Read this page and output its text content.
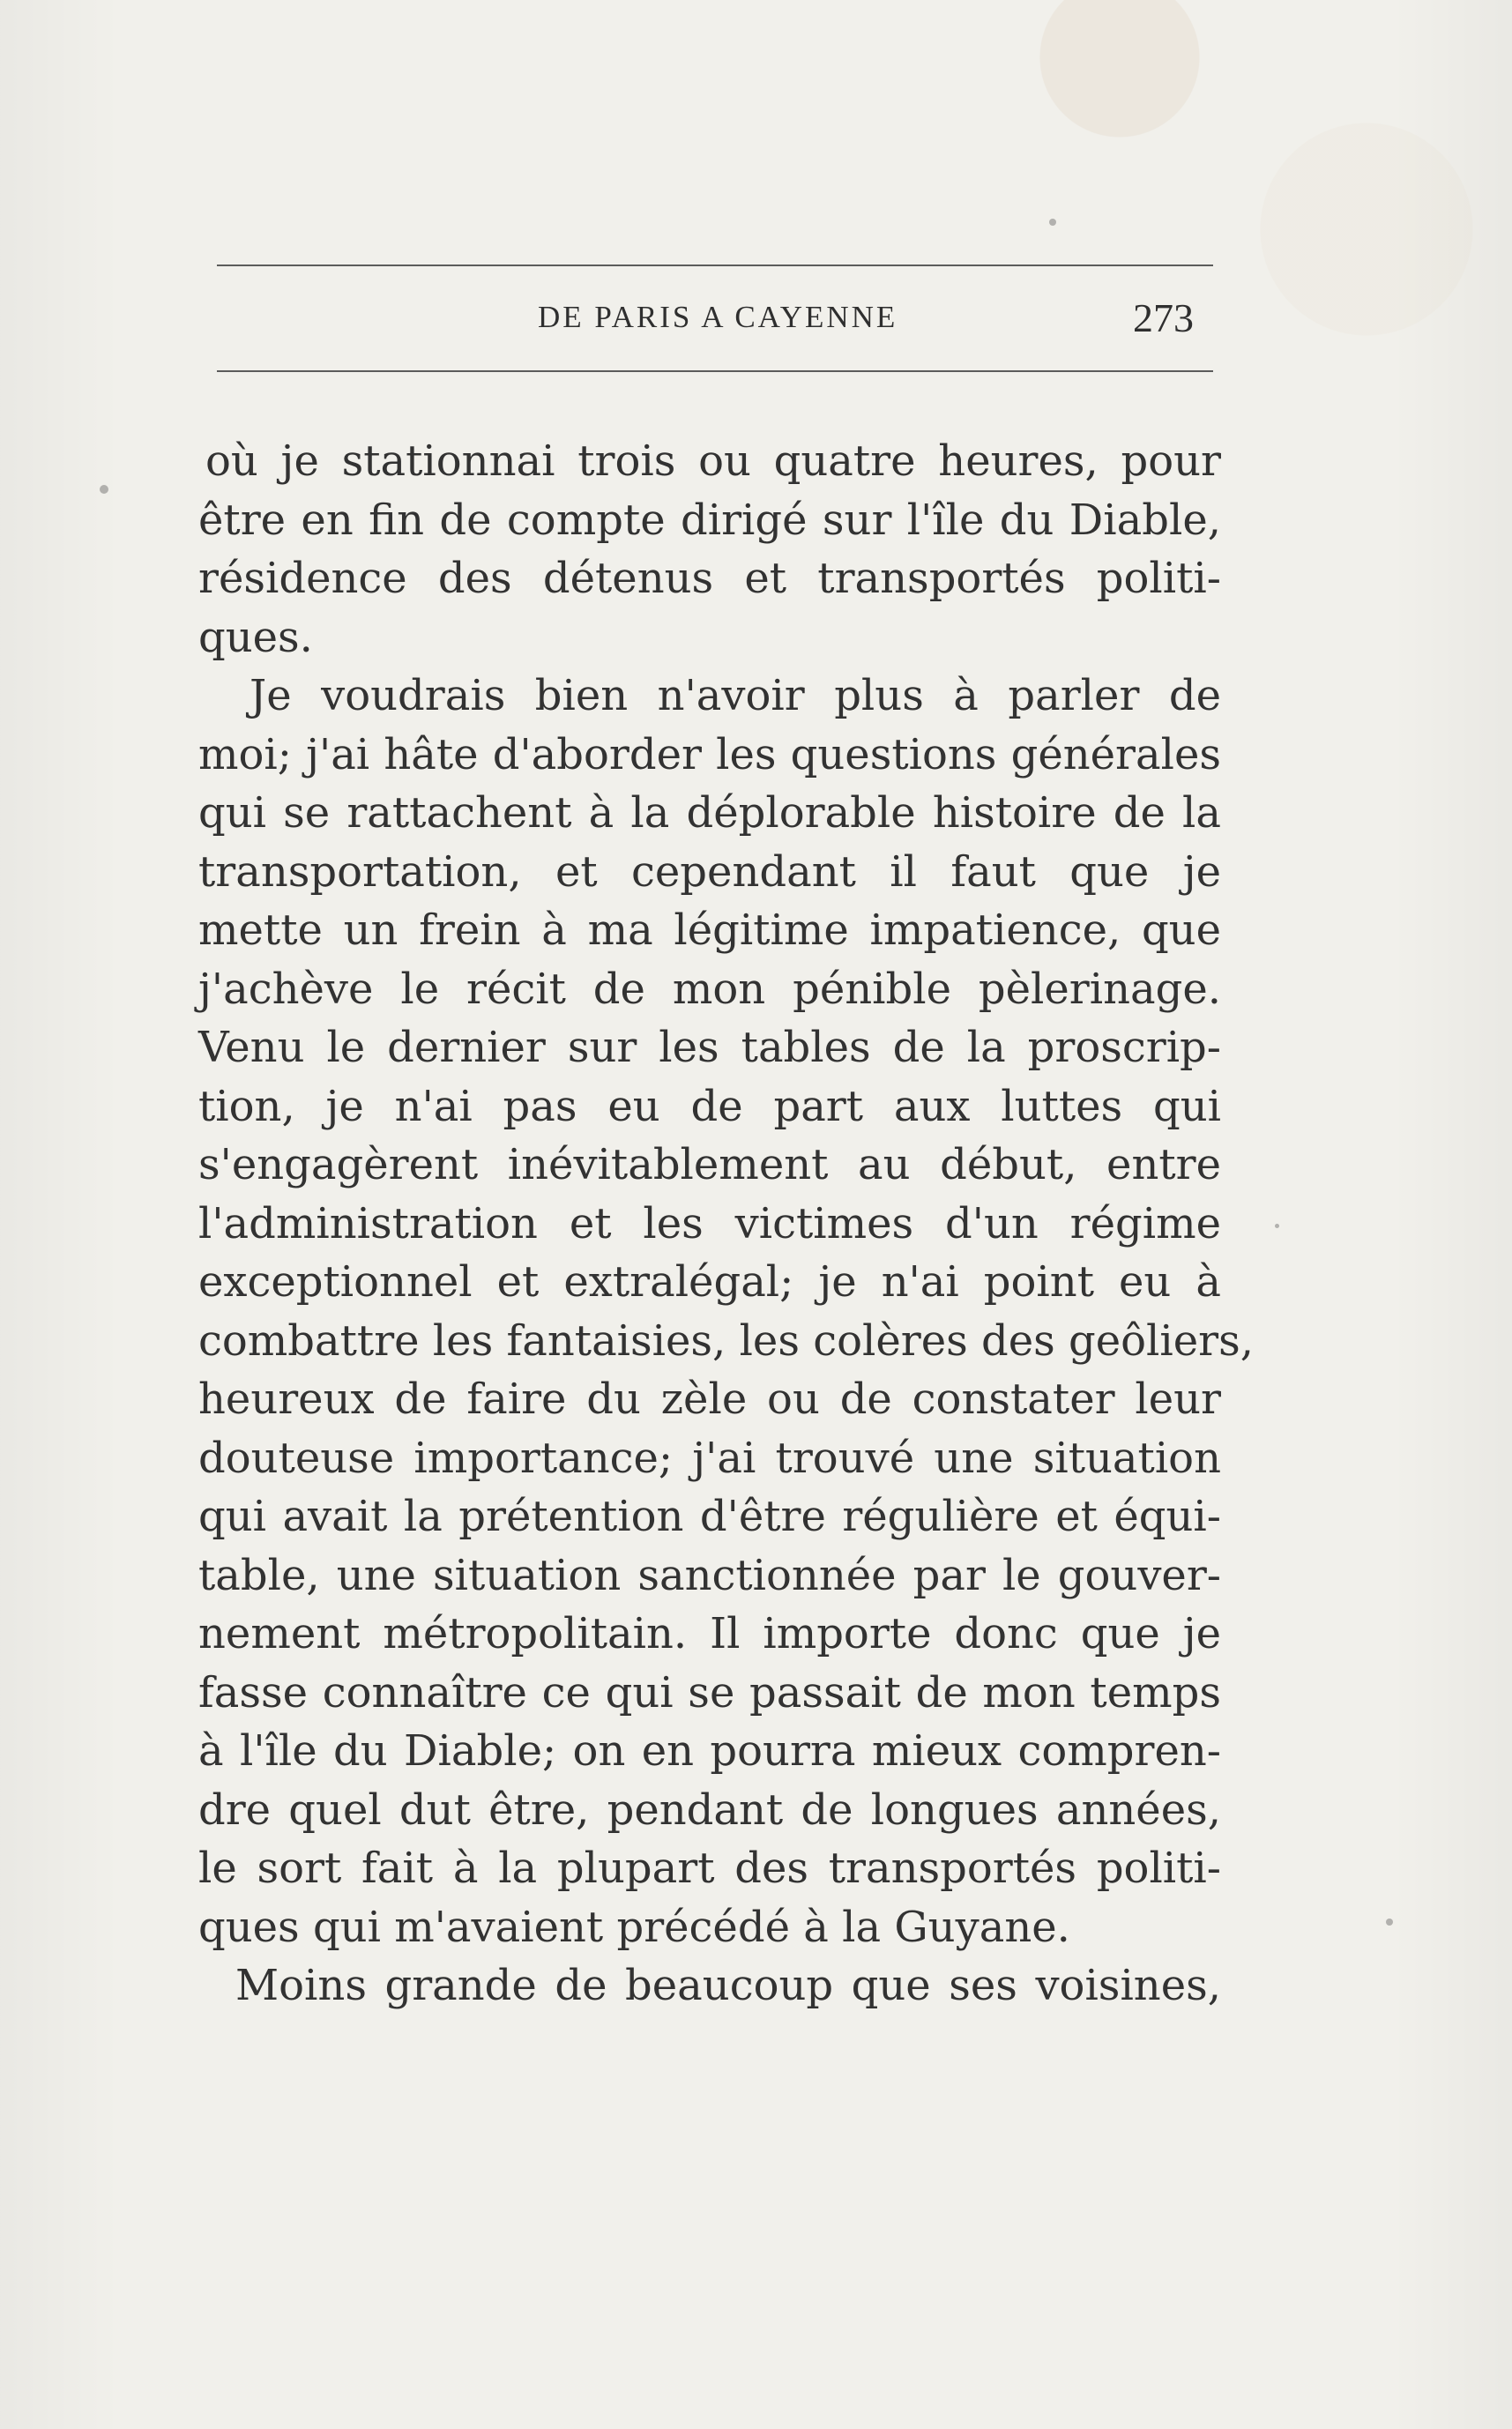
DE PARIS A CAYENNE	273
où je stationnai trois ou quatre heures, pour
être en fin de compte dirigé sur l'île du Diable,
résidence des détenus et transportés politi-
ques.
Je voudrais bien n'avoir plus à parler de
moi; j'ai hâte d'aborder les questions générales
qui se rattachent à la déplorable histoire de la
transportation, et cependant il faut que je
mette un frein à ma légitime impatience, que
j'achève le récit de mon pénible pèlerinage.
Venu le dernier sur les tables de la proscrip-
tion, je n'ai pas eu de part aux luttes qui
s'engagèrent inévitablement au début, entre
l'administration et les victimes d'un régime
exceptionnel et extralégal; je n'ai point eu à
combattre les fantaisies, les colères des geôliers,
heureux de faire du zèle ou de constater leur
douteuse importance; j'ai trouvé une situation
qui avait la prétention d'être régulière et équi-
table, une situation sanctionnée par le gouver-
nement métropolitain. Il importe donc que je
fasse connaître ce qui se passait de mon temps
à l'île du Diable; on en pourra mieux compren-
dre quel dut être, pendant de longues années,
le sort fait à la plupart des transportés politi-
ques qui m'avaient précédé à la Guyane.
Moins grande de beaucoup que ses voisines,
